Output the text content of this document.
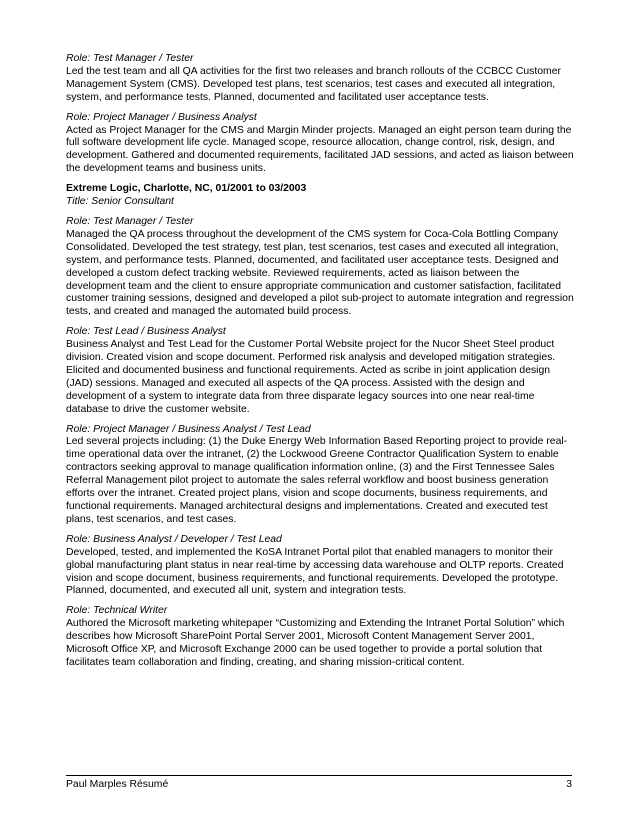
Role: Test Manager / Tester
Led the test team and all QA activities for the first two releases and branch rollouts of the CCBCC Customer Management System (CMS). Developed test plans, test scenarios, test cases and executed all integration, system, and performance tests. Planned, documented and facilitated user acceptance tests.
Role: Project Manager / Business Analyst
Acted as Project Manager for the CMS and Margin Minder projects. Managed an eight person team during the full software development life cycle. Managed scope, resource allocation, change control, risk, design, and development. Gathered and documented requirements, facilitated JAD sessions, and acted as liaison between the development teams and business units.
Extreme Logic, Charlotte, NC, 01/2001 to 03/2003
Title: Senior Consultant
Role: Test Manager / Tester
Managed the QA process throughout the development of the CMS system for Coca-Cola Bottling Company Consolidated. Developed the test strategy, test plan, test scenarios, test cases and executed all integration, system, and performance tests. Planned, documented, and facilitated user acceptance tests. Designed and developed a custom defect tracking website. Reviewed requirements, acted as liaison between the development team and the client to ensure appropriate communication and customer satisfaction, facilitated customer training sessions, designed and developed a pilot sub-project to automate integration and regression tests, and created and managed the automated build process.
Role: Test Lead / Business Analyst
Business Analyst and Test Lead for the Customer Portal Website project for the Nucor Sheet Steel product division. Created vision and scope document. Performed risk analysis and developed mitigation strategies. Elicited and documented business and functional requirements. Acted as scribe in joint application design (JAD) sessions. Managed and executed all aspects of the QA process. Assisted with the design and development of a system to integrate data from three disparate legacy sources into one near real-time database to drive the customer website.
Role: Project Manager / Business Analyst / Test Lead
Led several projects including: (1) the Duke Energy Web Information Based Reporting project to provide real-time operational data over the intranet, (2) the Lockwood Greene Contractor Qualification System to enable contractors seeking approval to manage qualification information online, (3) and the First Tennessee Sales Referral Management pilot project to automate the sales referral workflow and boost business generation efforts over the intranet. Created project plans, vision and scope documents, business requirements, and functional requirements. Managed architectural designs and implementations. Created and executed test plans, test scenarios, and test cases.
Role: Business Analyst / Developer / Test Lead
Developed, tested, and implemented the KoSA Intranet Portal pilot that enabled managers to monitor their global manufacturing plant status in near real-time by accessing data warehouse and OLTP reports. Created vision and scope document, business requirements, and functional requirements. Developed the prototype. Planned, documented, and executed all unit, system and integration tests.
Role: Technical Writer
Authored the Microsoft marketing whitepaper “Customizing and Extending the Intranet Portal Solution” which describes how Microsoft SharePoint Portal Server 2001, Microsoft Content Management Server 2001, Microsoft Office XP, and Microsoft Exchange 2000 can be used together to provide a portal solution that facilitates team collaboration and finding, creating, and sharing mission-critical content.
Paul Marples Résumé	3
